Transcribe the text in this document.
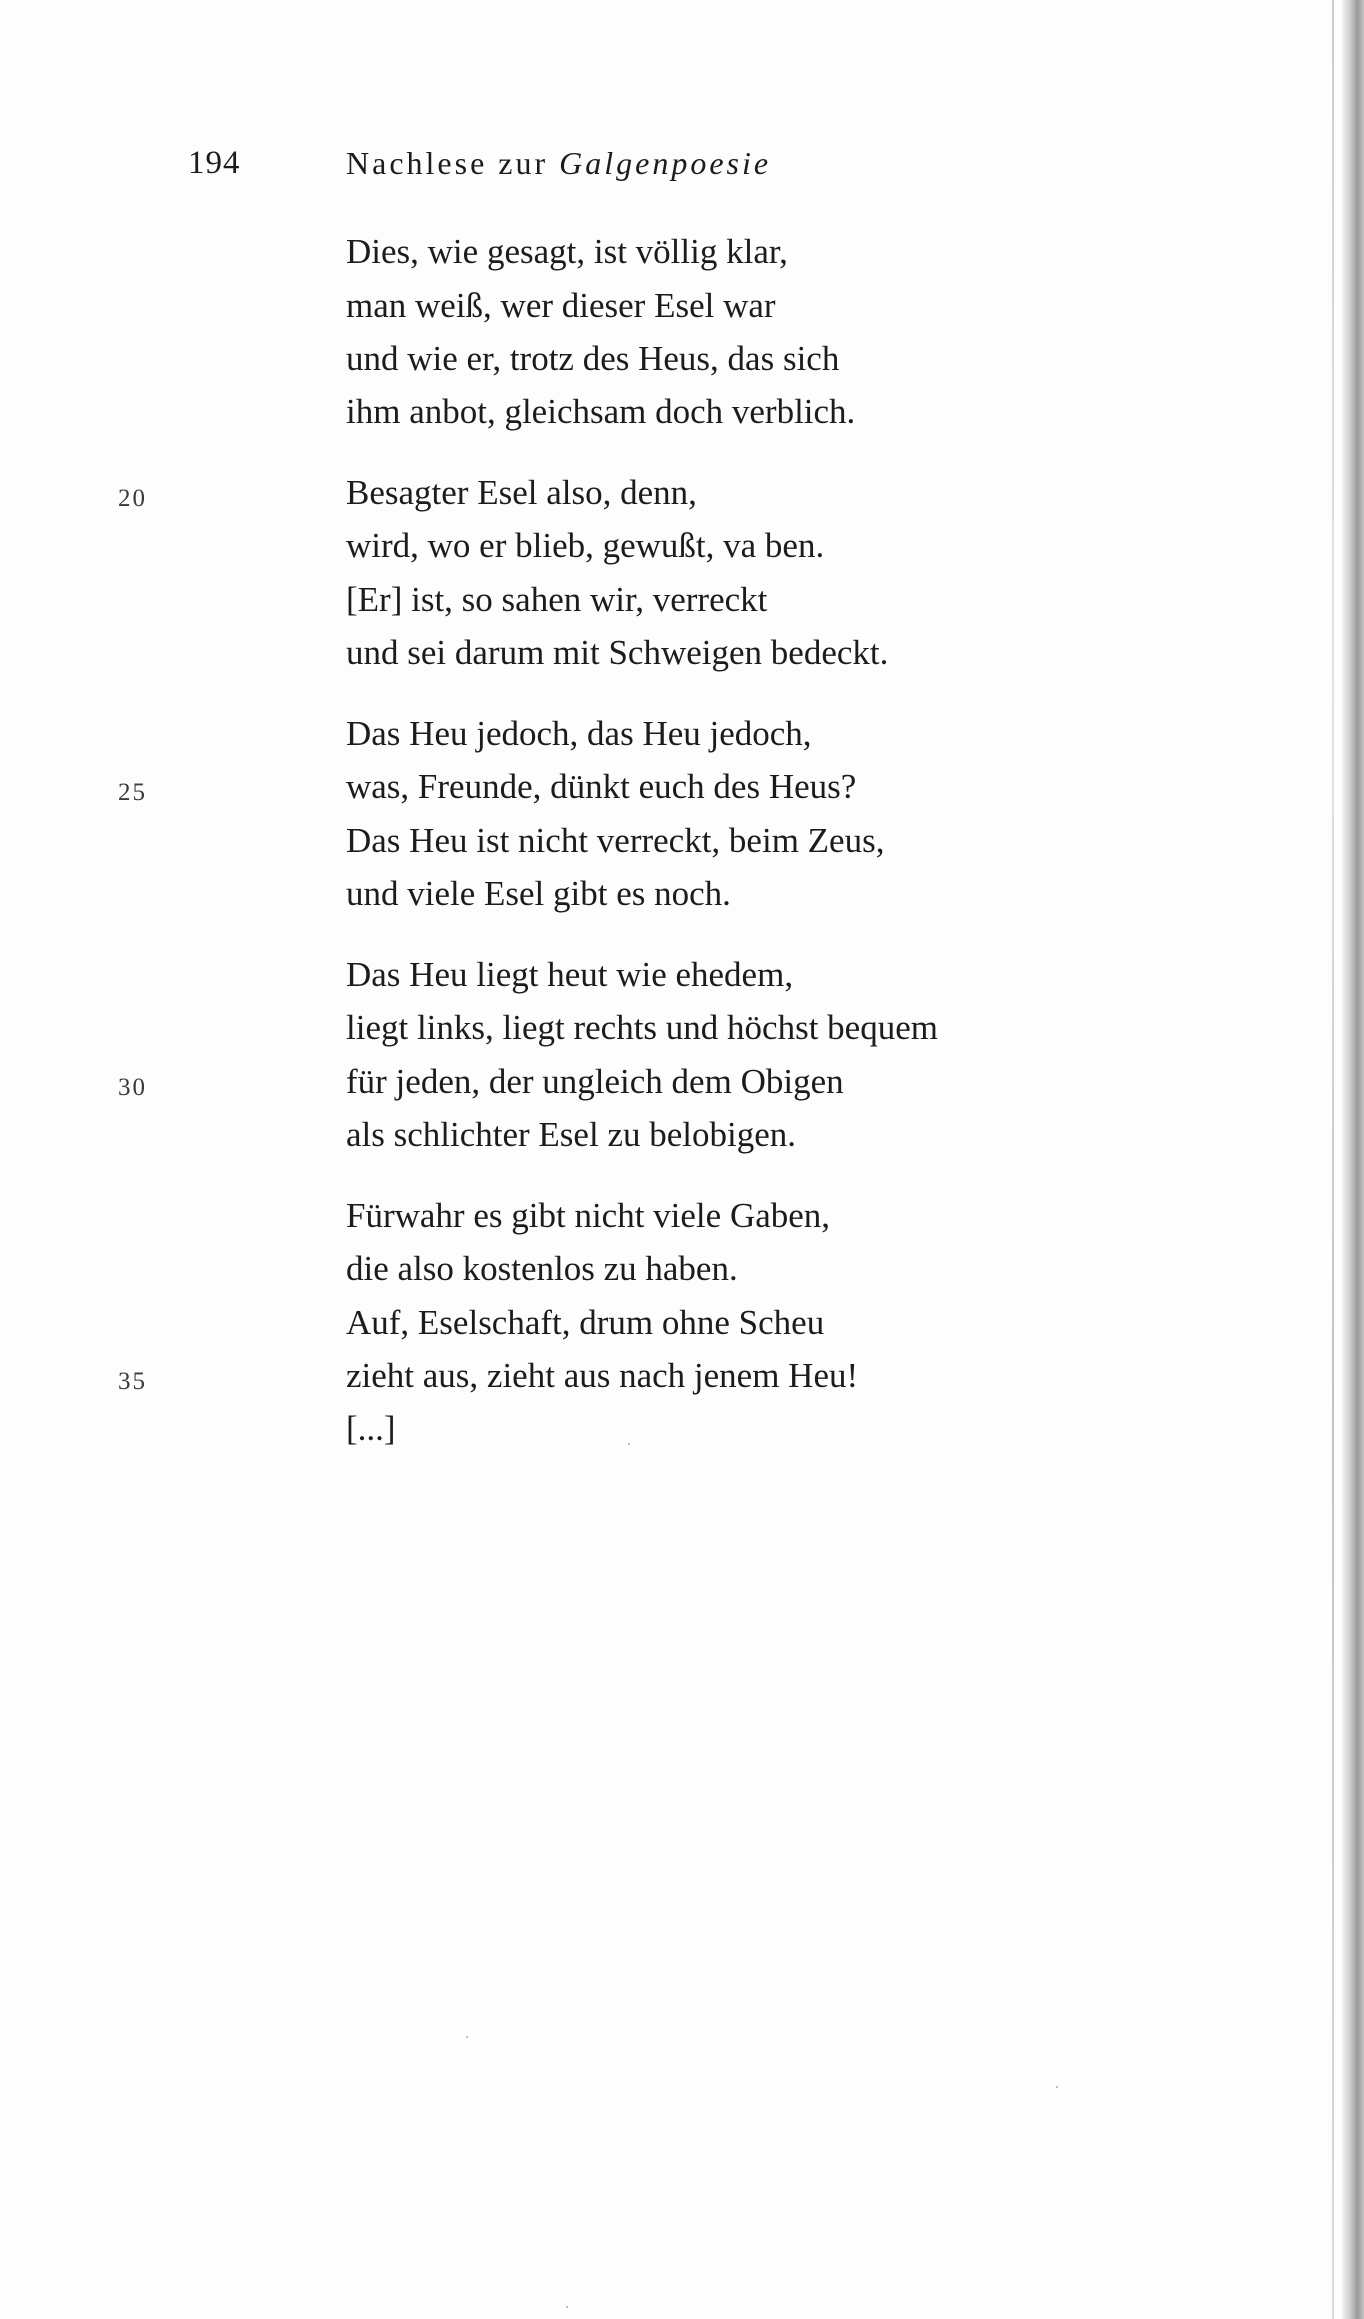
194	Nachlese zur Galgenpoesie
Dies, wie gesagt, ist völlig klar,
man weiß, wer dieser Esel war
und wie er, trotz des Heus, das sich
ihm anbot, gleichsam doch verblich.
Besagter Esel also, denn,
wird, wo er blieb, gewußt, va ben.
[Er] ist, so sahen wir, verreckt
und sei darum mit Schweigen bedeckt.
Das Heu jedoch, das Heu jedoch,
was, Freunde, dünkt euch des Heus?
Das Heu ist nicht verreckt, beim Zeus,
und viele Esel gibt es noch.
Das Heu liegt heut wie ehedem,
liegt links, liegt rechts und höchst bequem
für jeden, der ungleich dem Obigen
als schlichter Esel zu belobigen.
Fürwahr es gibt nicht viele Gaben,
die also kostenlos zu haben.
Auf, Eselschaft, drum ohne Scheu
zieht aus, zieht aus nach jenem Heu!
[...]
20
25
30
35
